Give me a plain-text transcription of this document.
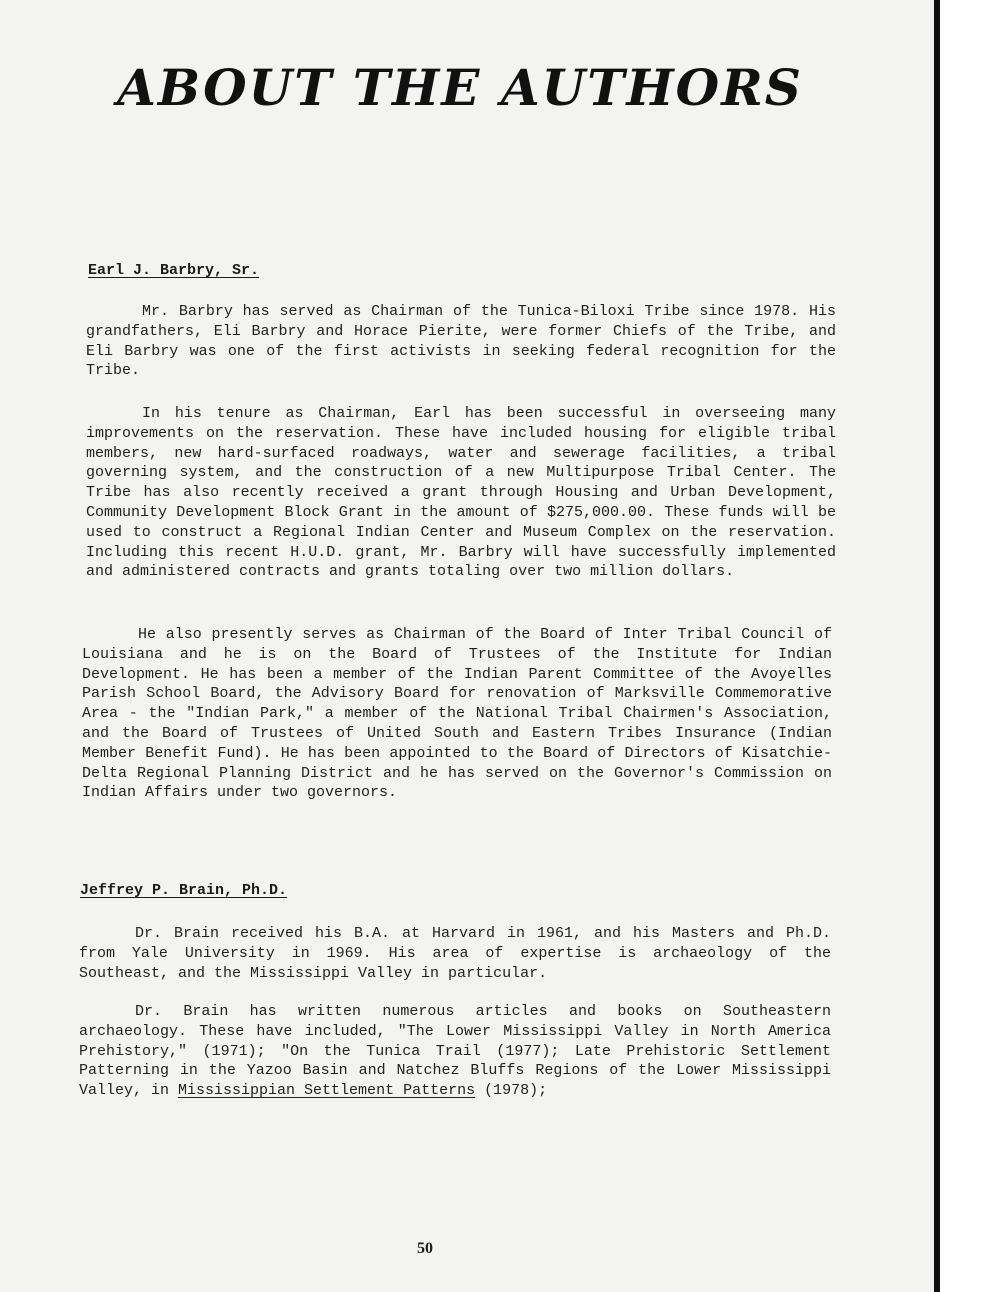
ABOUT THE AUTHORS
Earl J. Barbry, Sr.

Mr. Barbry has served as Chairman of the Tunica-Biloxi Tribe since 1978. His grandfathers, Eli Barbry and Horace Pierite, were former Chiefs of the Tribe, and Eli Barbry was one of the first activists in seeking federal recognition for the Tribe.

In his tenure as Chairman, Earl has been successful in overseeing many improvements on the reservation. These have included housing for eligible tribal members, new hard-surfaced roadways, water and sewerage facilities, a tribal governing system, and the construction of a new Multipurpose Tribal Center. The Tribe has also recently received a grant through Housing and Urban Development, Community Development Block Grant in the amount of $275,000.00. These funds will be used to construct a Regional Indian Center and Museum Complex on the reservation. Including this recent H.U.D. grant, Mr. Barbry will have successfully implemented and administered contracts and grants totaling over two million dollars.

He also presently serves as Chairman of the Board of Inter Tribal Council of Louisiana and he is on the Board of Trustees of the Institute for Indian Development. He has been a member of the Indian Parent Committee of the Avoyelles Parish School Board, the Advisory Board for renovation of Marksville Commemorative Area - the "Indian Park," a member of the National Tribal Chairmen's Association, and the Board of Trustees of United South and Eastern Tribes Insurance (Indian Member Benefit Fund). He has been appointed to the Board of Directors of Kisatchie-Delta Regional Planning District and he has served on the Governor's Commission on Indian Affairs under two governors.

Jeffrey P. Brain, Ph.D.

Dr. Brain received his B.A. at Harvard in 1961, and his Masters and Ph.D. from Yale University in 1969. His area of expertise is archaeology of the Southeast, and the Mississippi Valley in particular.

Dr. Brain has written numerous articles and books on Southeastern archaeology. These have included, "The Lower Mississippi Valley in North America Prehistory," (1971); "On the Tunica Trail (1977); Late Prehistoric Settlement Patterning in the Yazoo Basin and Natchez Bluffs Regions of the Lower Mississippi Valley, in Mississippian Settlement Patterns (1978);

50
